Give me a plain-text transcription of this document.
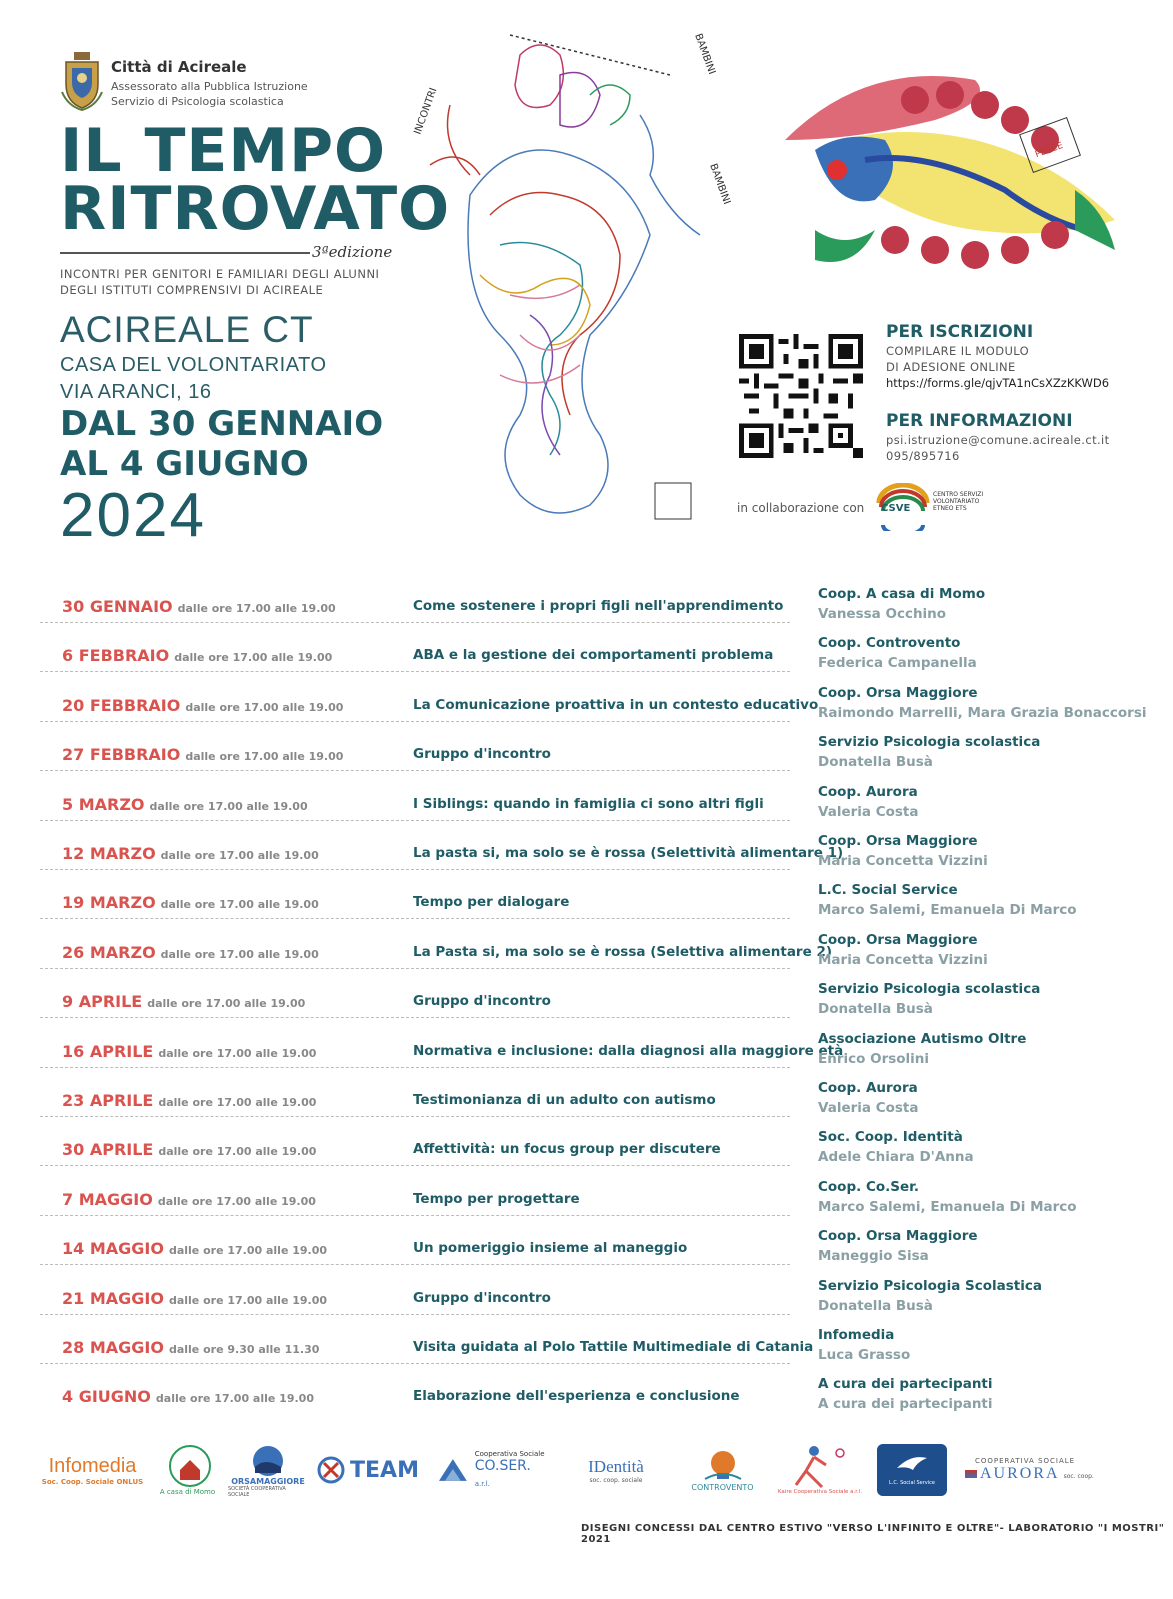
Città di Acireale
Assessorato alla Pubblica Istruzione
Servizio di Psicologia scolastica
IL TEMPO
RITROVATO
3ªedizione
INCONTRI PER GENITORI E FAMILIARI DEGLI ALUNNI DEGLI ISTITUTI COMPRENSIVI DI ACIREALE
ACIREALE CT
CASA DEL VOLONTARIATO
VIA ARANCI, 16
DAL 30 GENNAIO
AL 4 GIUGNO
2024
INCONTRI
BAMBINI
BAMBINI
PESCE
PER ISCRIZIONI
COMPILARE IL MODULO
DI ADESIONE ONLINE
https://forms.gle/qjvTA1nCsXZzKKWD6
PER INFORMAZIONI
psi.istruzione@comune.acireale.ct.it
095/895716
in collaborazione con CSVE
CENTRO SERVIZI VOLONTARIATO ETNEO ETS
30 GENNAIO dalle ore 17.00 alle 19.00	Come sostenere i propri figli nell'apprendimento
Coop. A casa di Momo
Vanessa Occhino
6 FEBBRAIO dalle ore 17.00 alle 19.00	ABA e la gestione dei comportamenti problema
Coop. Controvento
Federica Campanella
20 FEBBRAIO dalle ore 17.00 alle 19.00	La Comunicazione proattiva in un contesto educativo
Coop. Orsa Maggiore
Raimondo Marrelli, Mara Grazia Bonaccorsi
27 FEBBRAIO dalle ore 17.00 alle 19.00	Gruppo d'incontro
Servizio Psicologia scolastica
Donatella Busà
5 MARZO dalle ore 17.00 alle 19.00	I Siblings: quando in famiglia ci sono altri figli
Coop. Aurora
Valeria Costa
12 MARZO dalle ore 17.00 alle 19.00	La pasta si, ma solo se è rossa (Selettività alimentare 1)
Coop. Orsa Maggiore
Maria Concetta Vizzini
19 MARZO dalle ore 17.00 alle 19.00	Tempo per dialogare
L.C. Social Service
Marco Salemi, Emanuela Di Marco
26 MARZO dalle ore 17.00 alle 19.00	La Pasta si, ma solo se è rossa (Selettiva alimentare 2)
Coop. Orsa Maggiore
Maria Concetta Vizzini
9 APRILE dalle ore 17.00 alle 19.00	Gruppo d'incontro
Servizio Psicologia scolastica
Donatella Busà
16 APRILE dalle ore 17.00 alle 19.00	Normativa e inclusione: dalla diagnosi alla maggiore età
Associazione Autismo Oltre
Enrico Orsolini
23 APRILE dalle ore 17.00 alle 19.00	Testimonianza di un adulto con autismo
Coop. Aurora
Valeria Costa
30 APRILE dalle ore 17.00 alle 19.00	Affettività: un focus group per discutere
Soc. Coop. Identità
Adele Chiara D'Anna
7 MAGGIO dalle ore 17.00 alle 19.00	Tempo per progettare
Coop. Co.Ser.
Marco Salemi, Emanuela Di Marco
14 MAGGIO dalle ore 17.00 alle 19.00	Un pomeriggio insieme al maneggio
Coop. Orsa Maggiore
Maneggio Sisa
21 MAGGIO dalle ore 17.00 alle 19.00	Gruppo d'incontro
Servizio Psicologia Scolastica
Donatella Busà
28 MAGGIO dalle ore 9.30 alle 11.30	Visita guidata al Polo Tattile Multimediale di Catania
Infomedia
Luca Grasso
4 GIUGNO dalle ore 17.00 alle 19.00	Elaborazione dell'esperienza e conclusione
A cura dei partecipanti
A cura dei partecipanti
Infomedia
Soc. Coop. Sociale ONLUS
A casa di Momo
ORSAMAGGIORE
SOCIETÀ COOPERATIVA SOCIALE
TEAM
Cooperativa Sociale
CO.SER. a.r.l.
IDentità
soc. coop. sociale
CONTROVENTO
Kaire Cooperativa Sociale a.r.l.
L.C. Social Service
COOPERATIVA SOCIALE
AURORA soc. coop.
DISEGNI CONCESSI DAL CENTRO ESTIVO "VERSO L'INFINITO E OLTRE"- LABORATORIO "I MOSTRI" 2021
